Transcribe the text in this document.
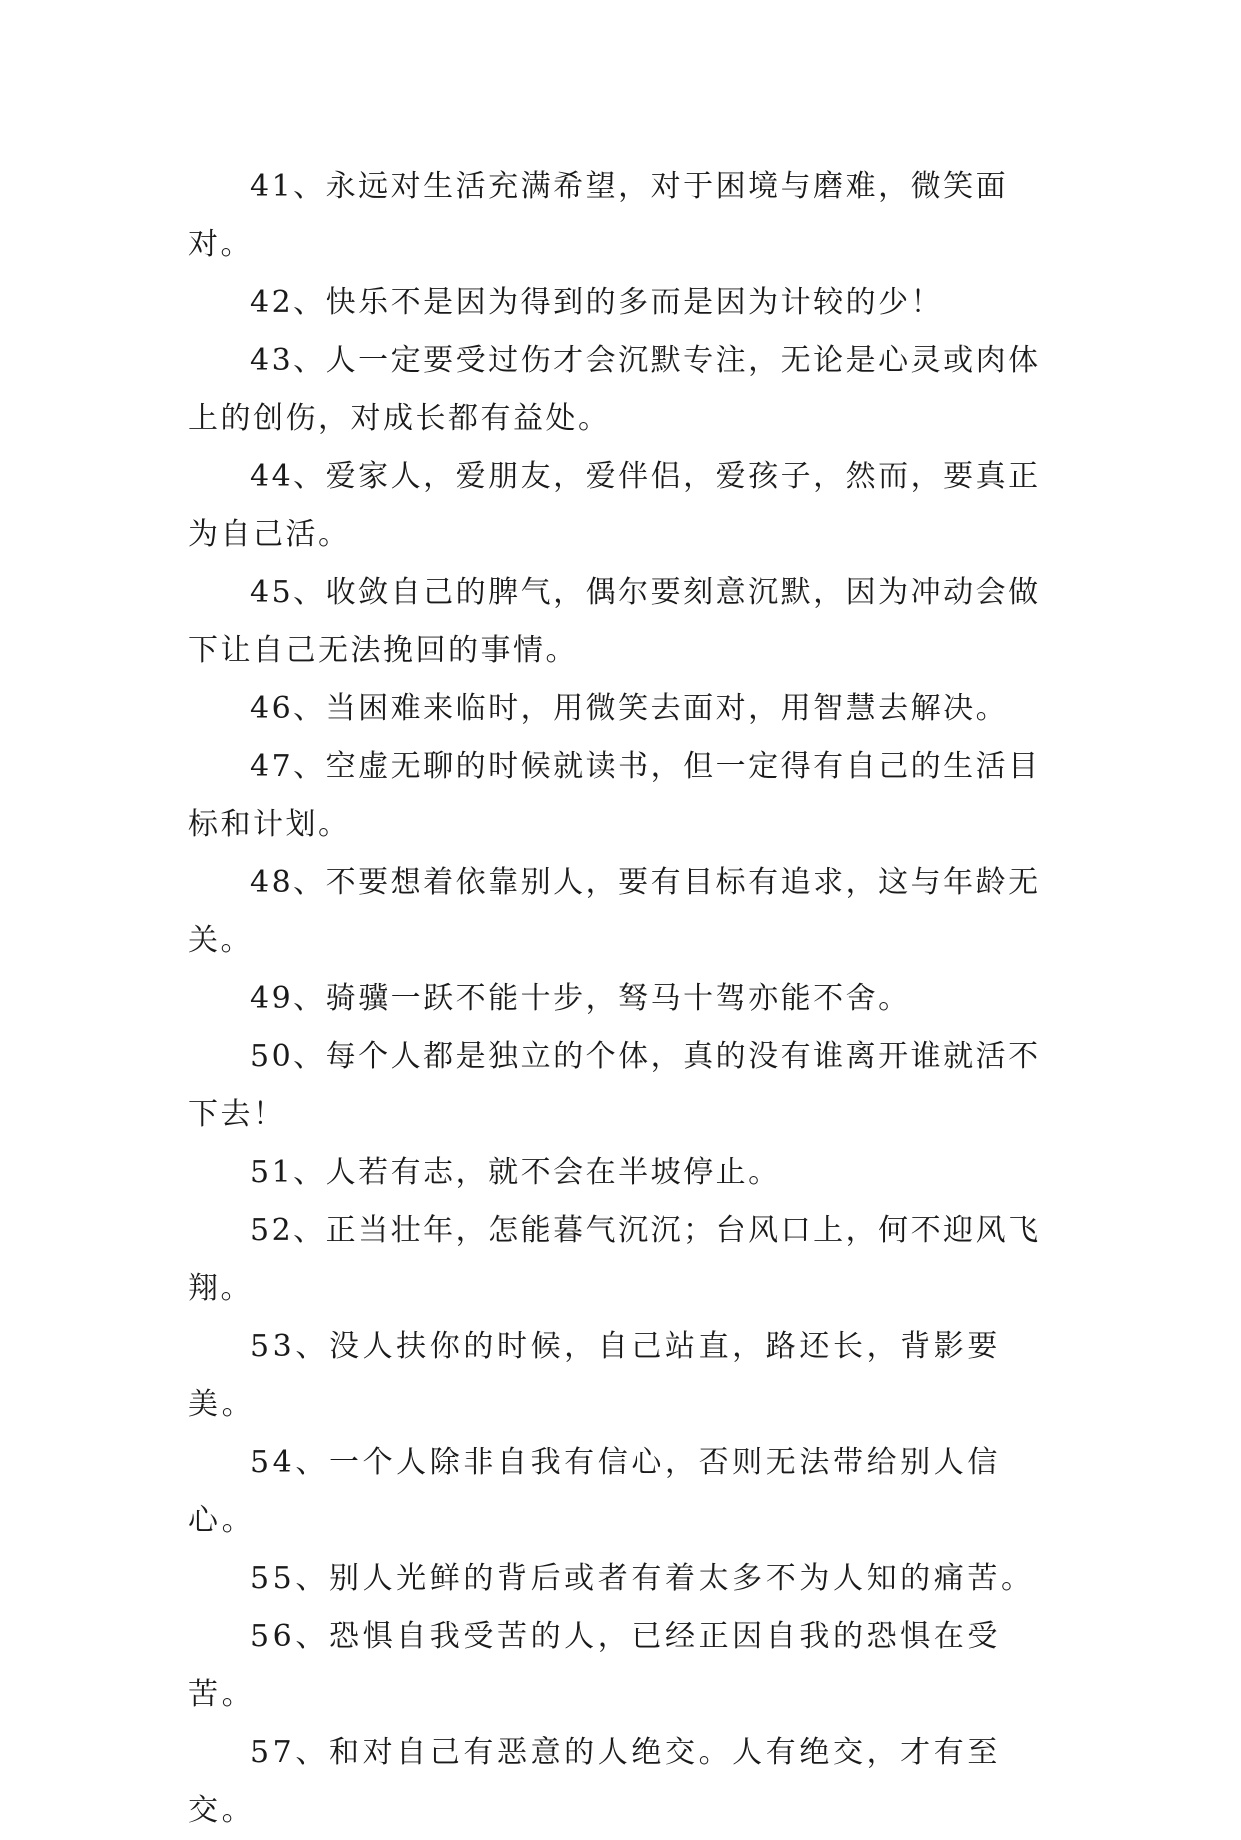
41、永远对生活充满希望，对于困境与磨难，微笑面对。

42、快乐不是因为得到的多而是因为计较的少！

43、人一定要受过伤才会沉默专注，无论是心灵或肉体上的创伤，对成长都有益处。

44、爱家人，爱朋友，爱伴侣，爱孩子，然而，要真正为自己活。

45、收敛自己的脾气，偶尔要刻意沉默，因为冲动会做下让自己无法挽回的事情。

46、当困难来临时，用微笑去面对，用智慧去解决。

47、空虚无聊的时候就读书，但一定得有自己的生活目标和计划。

48、不要想着依靠别人，要有目标有追求，这与年龄无关。

49、骑骥一跃不能十步，驽马十驾亦能不舍。

50、每个人都是独立的个体，真的没有谁离开谁就活不下去！

51、人若有志，就不会在半坡停止。

52、正当壮年，怎能暮气沉沉；台风口上，何不迎风飞翔。

53、没人扶你的时候，自己站直，路还长，背影要美。

54、一个人除非自我有信心，否则无法带给别人信心。

55、别人光鲜的背后或者有着太多不为人知的痛苦。

56、恐惧自我受苦的人，已经正因自我的恐惧在受苦。

57、和对自己有恶意的人绝交。人有绝交，才有至交。
